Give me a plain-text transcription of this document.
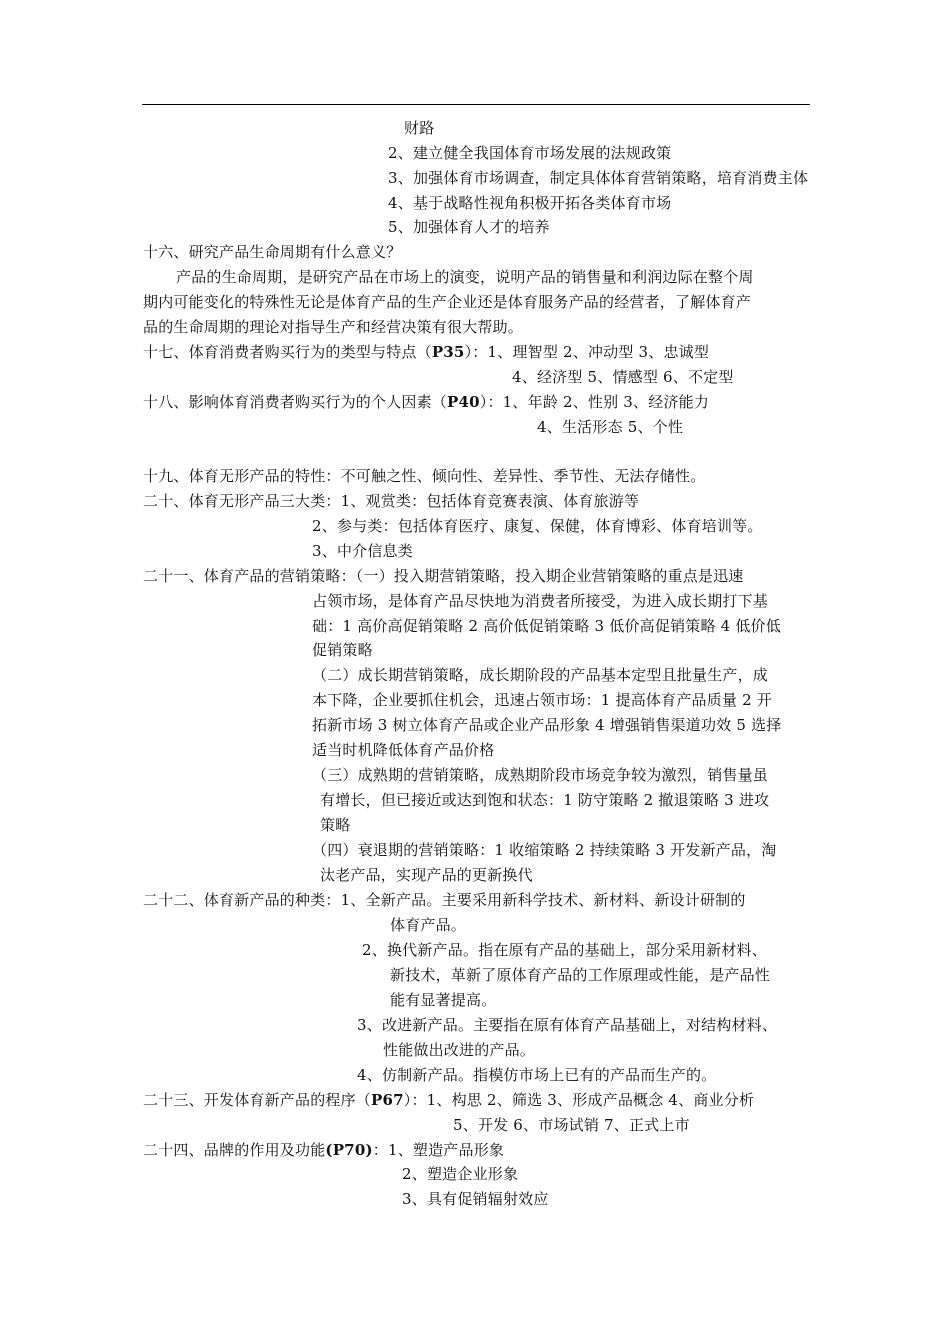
财路
2、建立健全我国体育市场发展的法规政策
3、加强体育市场调查，制定具体体育营销策略，培育消费主体
4、基于战略性视角积极开拓各类体育市场
5、加强体育人才的培养
十六、研究产品生命周期有什么意义？
产品的生命周期，是研究产品在市场上的演变，说明产品的销售量和利润边际在整个周
期内可能变化的特殊性无论是体育产品的生产企业还是体育服务产品的经营者，了解体育产
品的生命周期的理论对指导生产和经营决策有很大帮助。
十七、体育消费者购买行为的类型与特点（P35）：1、理智型 2、冲动型 3、忠诚型
4、经济型 5、情感型 6、不定型
十八、影响体育消费者购买行为的个人因素（P40）：1、年龄 2、性别 3、经济能力
4、生活形态 5、个性
十九、体育无形产品的特性：不可触之性、倾向性、差异性、季节性、无法存储性。
二十、体育无形产品三大类：1、观赏类：包括体育竞赛表演、体育旅游等
2、参与类：包括体育医疗、康复、保健，体育博彩、体育培训等。
3、中介信息类
二十一、体育产品的营销策略：（一）投入期营销策略，投入期企业营销策略的重点是迅速
占领市场，是体育产品尽快地为消费者所接受，为进入成长期打下基
础：1 高价高促销策略 2 高价低促销策略 3 低价高促销策略 4 低价低
促销策略
（二）成长期营销策略，成长期阶段的产品基本定型且批量生产，成
本下降，企业要抓住机会，迅速占领市场：1 提高体育产品质量 2 开
拓新市场 3 树立体育产品或企业产品形象 4 增强销售渠道功效 5 选择
适当时机降低体育产品价格
（三）成熟期的营销策略，成熟期阶段市场竞争较为激烈，销售量虽
有增长，但已接近或达到饱和状态：1 防守策略 2 撤退策略 3 进攻
策略
（四）衰退期的营销策略：1 收缩策略 2 持续策略 3 开发新产品，淘
汰老产品，实现产品的更新换代
二十二、体育新产品的种类：1、全新产品。主要采用新科学技术、新材料、新设计研制的
体育产品。
2、换代新产品。指在原有产品的基础上，部分采用新材料、
新技术，革新了原体育产品的工作原理或性能，是产品性
能有显著提高。
3、改进新产品。主要指在原有体育产品基础上，对结构材料、
性能做出改进的产品。
4、仿制新产品。指模仿市场上已有的产品而生产的。
二十三、开发体育新产品的程序（P67）：1、构思 2、筛选 3、形成产品概念 4、商业分析
5、开发 6、市场试销 7、正式上市
二十四、品牌的作用及功能(P70)：1、塑造产品形象
2、塑造企业形象
3、具有促销辐射效应
